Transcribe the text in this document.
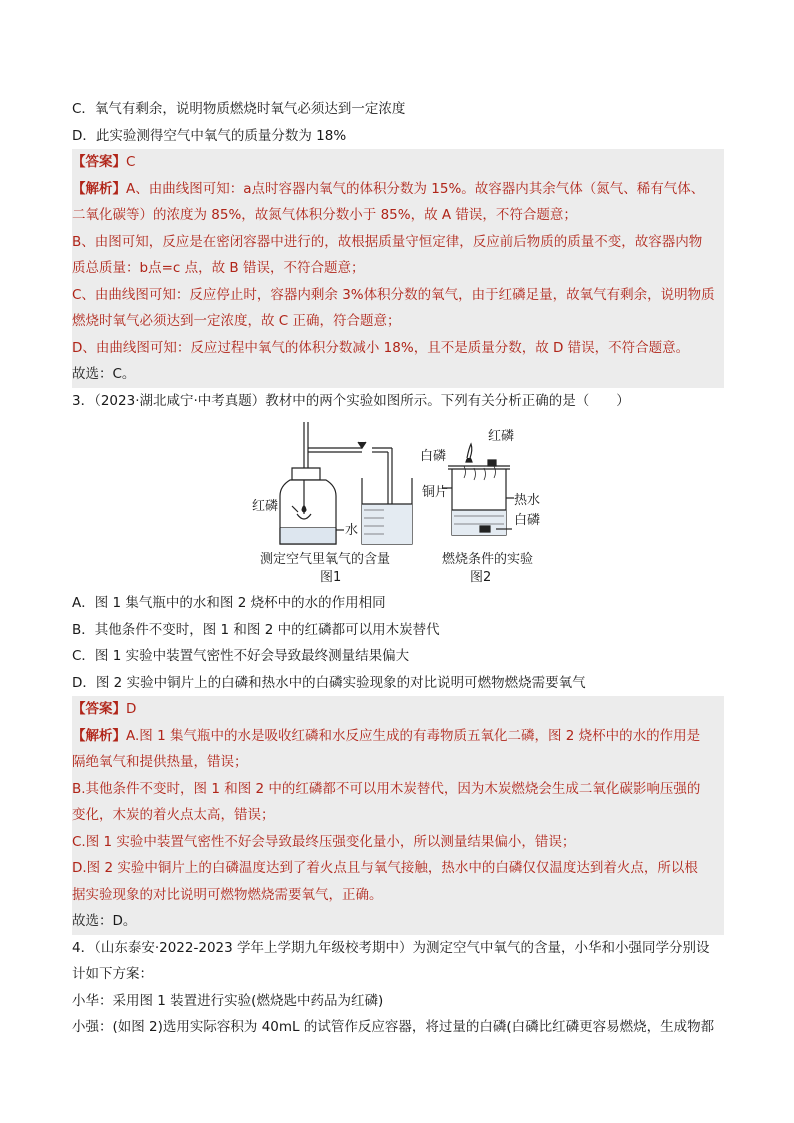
C．氧气有剩余，说明物质燃烧时氧气必须达到一定浓度
D．此实验测得空气中氧气的质量分数为 18%
【答案】C
【解析】A、由曲线图可知：a点时容器内氧气的体积分数为 15%。故容器内其余气体（氮气、稀有气体、
二氧化碳等）的浓度为 85%，故氮气体积分数小于 85%，故 A 错误，不符合题意；
B、由图可知，反应是在密闭容器中进行的，故根据质量守恒定律，反应前后物质的质量不变，故容器内物
质总质量：b点=c 点，故 B 错误，不符合题意；
C、由曲线图可知：反应停止时，容器内剩余 3%体积分数的氧气，由于红磷足量，故氧气有剩余，说明物质
燃烧时氧气必须达到一定浓度，故 C 正确，符合题意；
D、由曲线图可知：反应过程中氧气的体积分数减小 18%，且不是质量分数，故 D 错误，不符合题意。
故选：C。
3．（2023·湖北咸宁·中考真题）教材中的两个实验如图所示。下列有关分析正确的是（　　）
红磷
水
测定空气里氧气的含量
图1
白磷
红磷
铜片
热水
白磷
燃烧条件的实验
图2
A．图 1 集气瓶中的水和图 2 烧杯中的水的作用相同
B．其他条件不变时，图 1 和图 2 中的红磷都可以用木炭替代
C．图 1 实验中装置气密性不好会导致最终测量结果偏大
D．图 2 实验中铜片上的白磷和热水中的白磷实验现象的对比说明可燃物燃烧需要氧气
【答案】D
【解析】A.图 1 集气瓶中的水是吸收红磷和水反应生成的有毒物质五氧化二磷，图 2 烧杯中的水的作用是
隔绝氧气和提供热量，错误；
B.其他条件不变时，图 1 和图 2 中的红磷都不可以用木炭替代，因为木炭燃烧会生成二氧化碳影响压强的
变化，木炭的着火点太高，错误；
C.图 1 实验中装置气密性不好会导致最终压强变化量小，所以测量结果偏小，错误；
D.图 2 实验中铜片上的白磷温度达到了着火点且与氧气接触，热水中的白磷仅仅温度达到着火点，所以根
据实验现象的对比说明可燃物燃烧需要氧气，正确。
故选：D。
4．（山东泰安·2022-2023 学年上学期九年级校考期中）为测定空气中氧气的含量，小华和小强同学分别设
计如下方案：
小华：采用图 1 装置进行实验(燃烧匙中药品为红磷)
小强：(如图 2)选用实际容积为 40mL 的试管作反应容器，将过量的白磷(白磷比红磷更容易燃烧，生成物都
